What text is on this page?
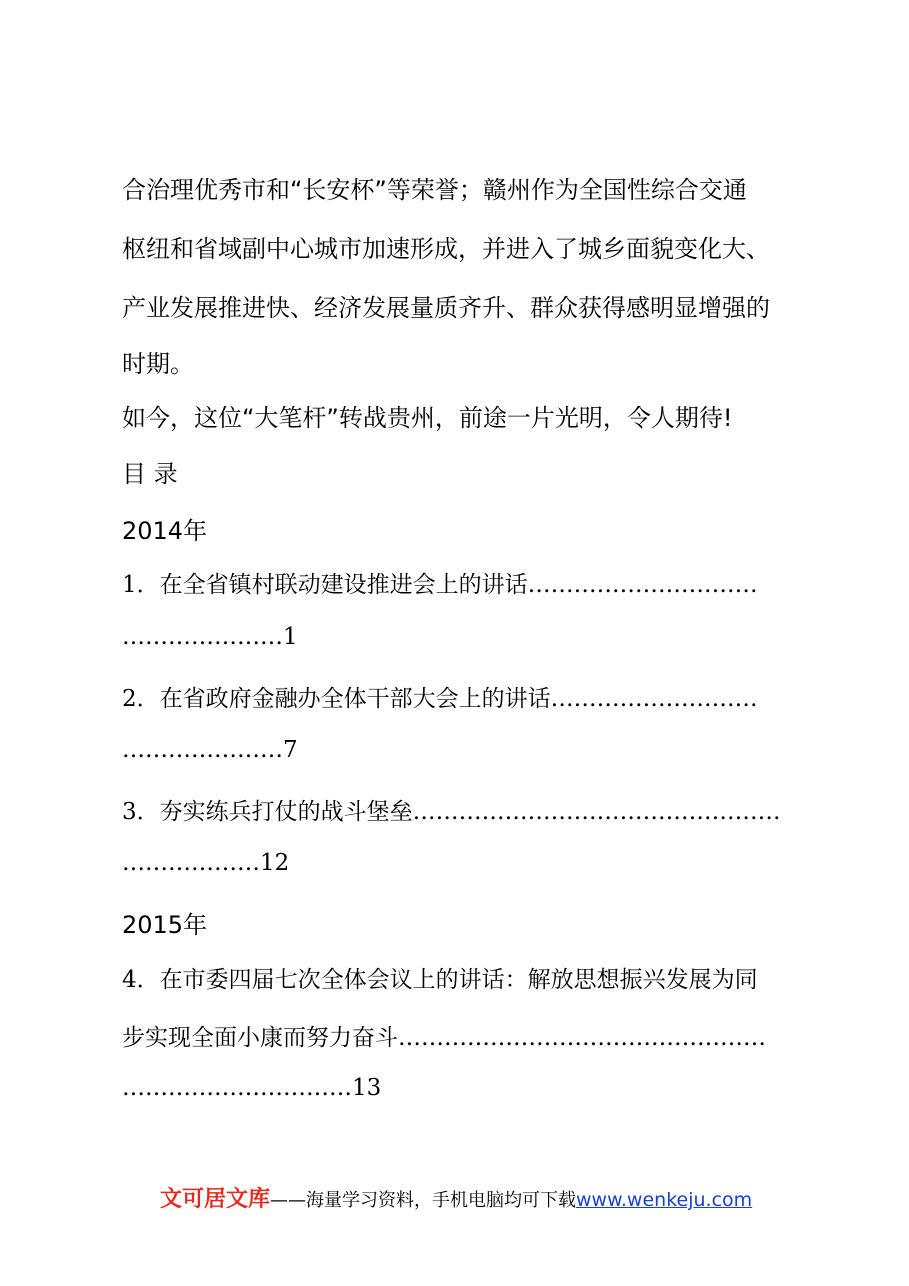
合治理优秀市和“长安杯”等荣誉；赣州作为全国性综合交通
枢纽和省域副中心城市加速形成，并进入了城乡面貌变化大、
产业发展推进快、经济发展量质齐升、群众获得感明显增强的
时期。
如今，这位“大笔杆”转战贵州，前途一片光明，令人期待!
目 录
2014年
1．在全省镇村联动建设推进会上的讲话…………………………
…………………1
2．在省政府金融办全体干部大会上的讲话………………………
…………………7
3．夯实练兵打仗的战斗堡垒…………………………………………
………………12
2015年
4．在市委四届七次全体会议上的讲话：解放思想振兴发展为同
步实现全面小康而努力奋斗…………………………………………
…………………………13
文可居文库——海量学习资料，手机电脑均可下载www.wenkeju.com
